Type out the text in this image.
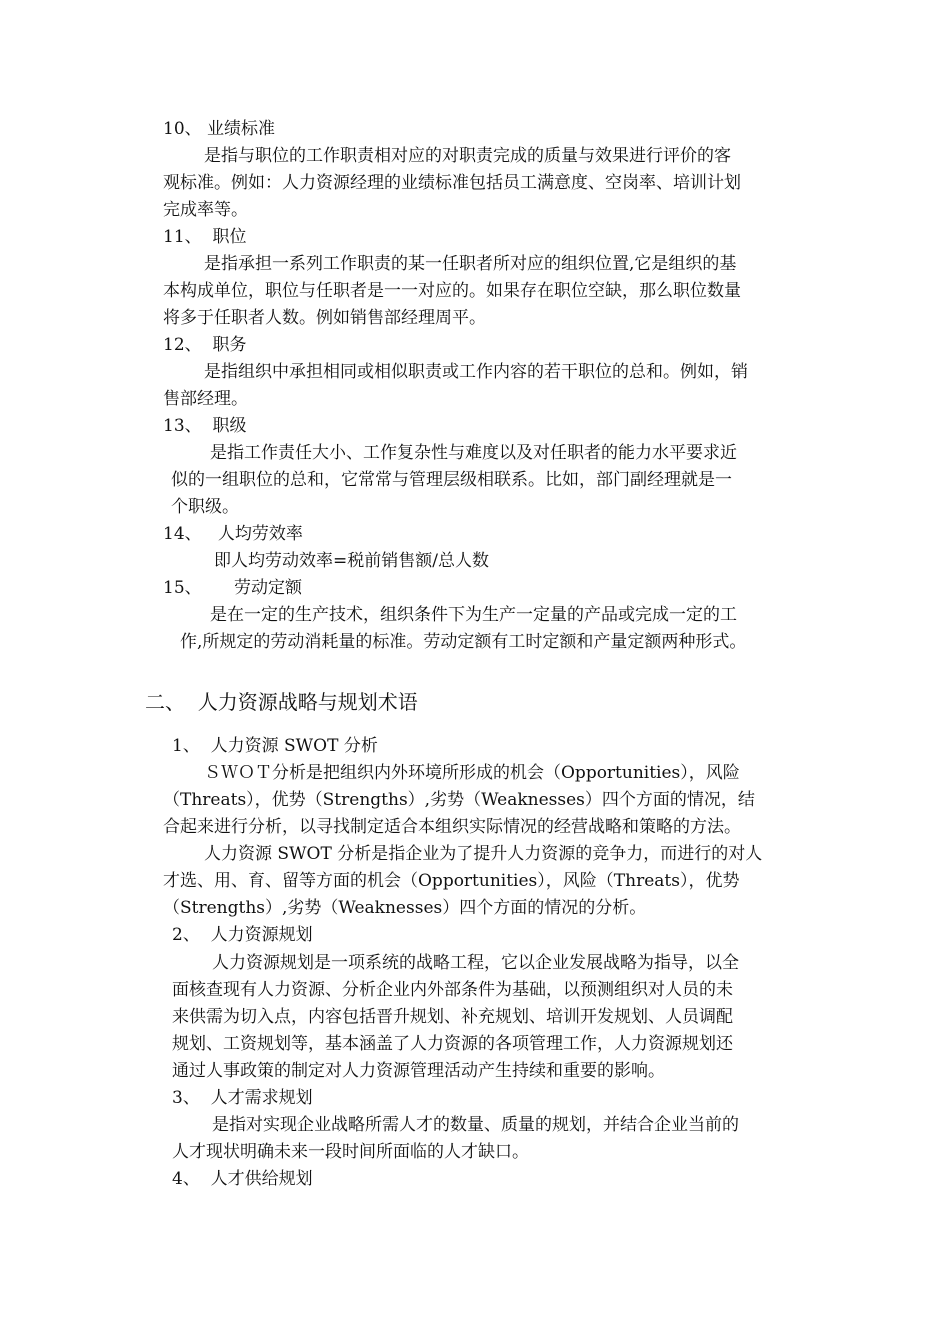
10、 业绩标准
是指与职位的工作职责相对应的对职责完成的质量与效果进行评价的客
观标准。例如：人力资源经理的业绩标准包括员工满意度、空岗率、培训计划
完成率等。
11、  职位
是指承担一系列工作职责的某一任职者所对应的组织位置,它是组织的基
本构成单位，职位与任职者是一一对应的。如果存在职位空缺，那么职位数量
将多于任职者人数。例如销售部经理周平。
12、  职务
是指组织中承担相同或相似职责或工作内容的若干职位的总和。例如，销
售部经理。
13、  职级
是指工作责任大小、工作复杂性与难度以及对任职者的能力水平要求近
似的一组职位的总和，它常常与管理层级相联系。比如，部门副经理就是一
个职级。
14、   人均劳效率
即人均劳动效率=税前销售额/总人数
15、      劳动定额
是在一定的生产技术，组织条件下为生产一定量的产品或完成一定的工
作,所规定的劳动消耗量的标准。劳动定额有工时定额和产量定额两种形式。
二、  人力资源战略与规划术语
1、  人力资源 SWOT 分析
ＳＷＯＴ分析是把组织内外环境所形成的机会（Opportunities），风险
（Threats），优势（Strengths）,劣势（Weaknesses）四个方面的情况，结
合起来进行分析，以寻找制定适合本组织实际情况的经营战略和策略的方法。
人力资源 SWOT 分析是指企业为了提升人力资源的竞争力，而进行的对人
才选、用、育、留等方面的机会（Opportunities），风险（Threats），优势
（Strengths）,劣势（Weaknesses）四个方面的情况的分析。
2、  人力资源规划
人力资源规划是一项系统的战略工程，它以企业发展战略为指导，以全
面核查现有人力资源、分析企业内外部条件为基础，以预测组织对人员的未
来供需为切入点，内容包括晋升规划、补充规划、培训开发规划、人员调配
规划、工资规划等，基本涵盖了人力资源的各项管理工作，人力资源规划还
通过人事政策的制定对人力资源管理活动产生持续和重要的影响。
3、  人才需求规划
是指对实现企业战略所需人才的数量、质量的规划，并结合企业当前的
人才现状明确未来一段时间所面临的人才缺口。
4、  人才供给规划
